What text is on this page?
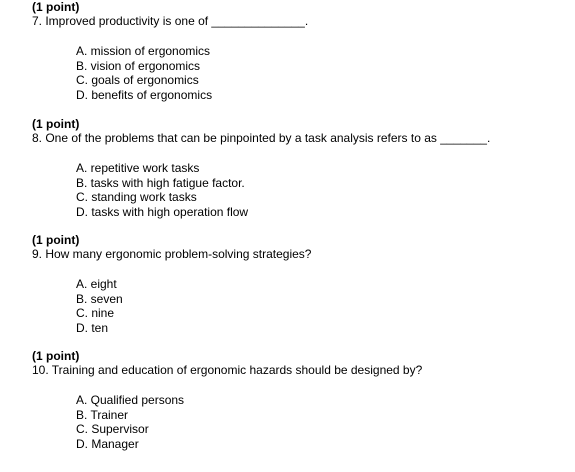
(1 point)
7. Improved productivity is one of ______________.
A. mission of ergonomics
B. vision of ergonomics
C. goals of ergonomics
D. benefits of ergonomics
(1 point)
8. One of the problems that can be pinpointed by a task analysis refers to as _______.
A. repetitive work tasks
B. tasks with high fatigue factor.
C. standing work tasks
D. tasks with high operation flow
(1 point)
9. How many ergonomic problem-solving strategies?
A. eight
B. seven
C. nine
D. ten
(1 point)
10. Training and education of ergonomic hazards should be designed by?
A. Qualified persons
B. Trainer
C. Supervisor
D. Manager
